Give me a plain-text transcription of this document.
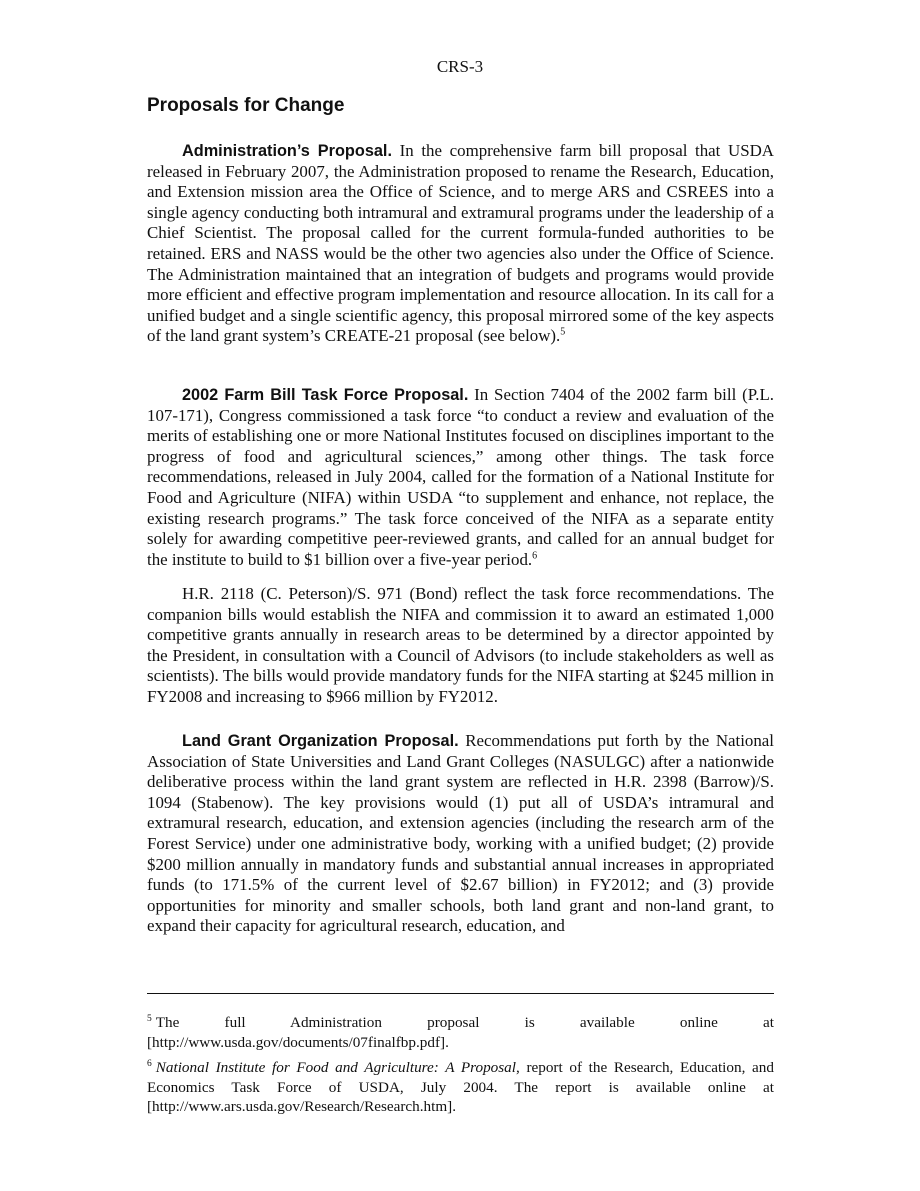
CRS-3
Proposals for Change

Administration’s Proposal. In the comprehensive farm bill proposal that USDA released in February 2007, the Administration proposed to rename the Research, Education, and Extension mission area the Office of Science, and to merge ARS and CSREES into a single agency conducting both intramural and extramural programs under the leadership of a Chief Scientist. The proposal called for the current formula-funded authorities to be retained. ERS and NASS would be the other two agencies also under the Office of Science. The Administration maintained that an integration of budgets and programs would provide more efficient and effective program implementation and resource allocation. In its call for a unified budget and a single scientific agency, this proposal mirrored some of the key aspects of the land grant system’s CREATE-21 proposal (see below).$^5$

2002 Farm Bill Task Force Proposal. In Section 7404 of the 2002 farm bill (P.L. 107-171), Congress commissioned a task force “to conduct a review and evaluation of the merits of establishing one or more National Institutes focused on disciplines important to the progress of food and agricultural sciences,” among other things. The task force recommendations, released in July 2004, called for the formation of a National Institute for Food and Agriculture (NIFA) within USDA “to supplement and enhance, not replace, the existing research programs.” The task force conceived of the NIFA as a separate entity solely for awarding competitive peer-reviewed grants, and called for an annual budget for the institute to build to $1 billion over a five-year period.$^6$

H.R. 2118 (C. Peterson)/S. 971 (Bond) reflect the task force recommendations. The companion bills would establish the NIFA and commission it to award an estimated 1,000 competitive grants annually in research areas to be determined by a director appointed by the President, in consultation with a Council of Advisors (to include stakeholders as well as scientists). The bills would provide mandatory funds for the NIFA starting at $245 million in FY2008 and increasing to $966 million by FY2012.

Land Grant Organization Proposal. Recommendations put forth by the National Association of State Universities and Land Grant Colleges (NASULGC) after a nationwide deliberative process within the land grant system are reflected in H.R. 2398 (Barrow)/S. 1094 (Stabenow). The key provisions would (1) put all of USDA’s intramural and extramural research, education, and extension agencies (including the research arm of the Forest Service) under one administrative body, working with a unified budget; (2) provide $200 million annually in mandatory funds and substantial annual increases in appropriated funds (to 171.5% of the current level of $2.67 billion) in FY2012; and (3) provide opportunities for minority and smaller schools, both land grant and non-land grant, to expand their capacity for agricultural research, education, and

$^5$ The full Administration proposal is available online at [http://www.usda.gov/documents/07finalfbp.pdf].

$^6$ National Institute for Food and Agriculture: A Proposal, report of the Research, Education, and Economics Task Force of USDA, July 2004. The report is available online at [http://www.ars.usda.gov/Research/Research.htm].
